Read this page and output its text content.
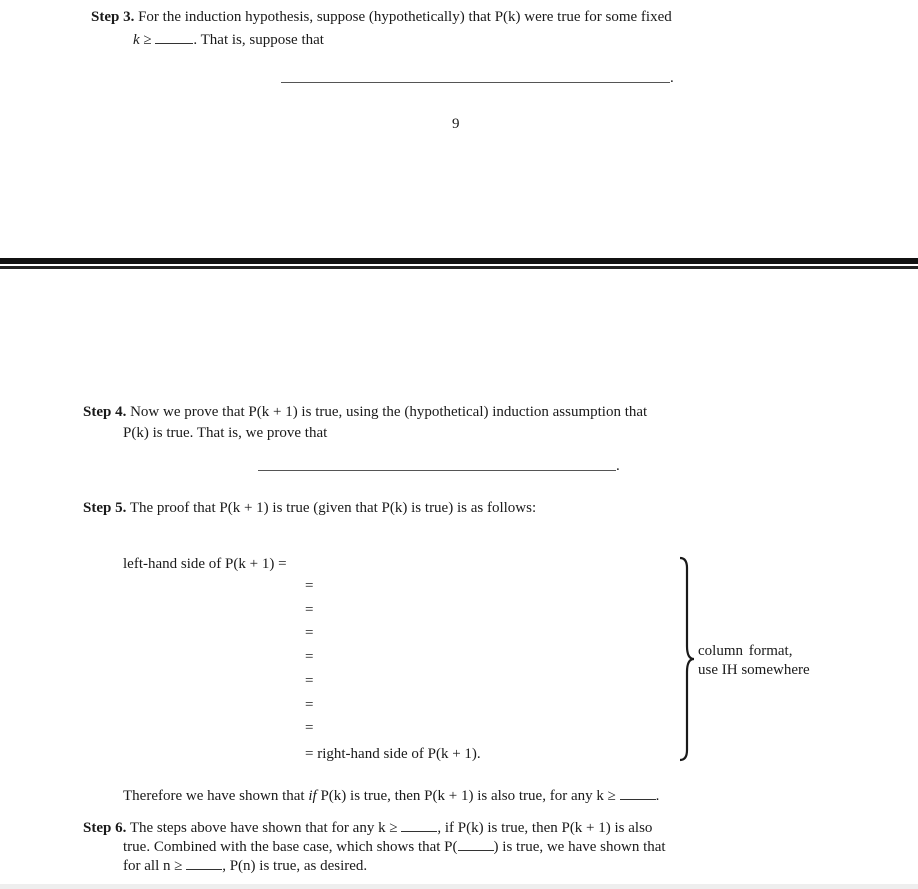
Step 3. For the induction hypothesis, suppose (hypothetically) that P(k) were true for some fixed
k ≥	. That is, suppose that
.
9
Step 4. Now we prove that P(k + 1) is true, using the (hypothetical) induction assumption that
P(k) is true. That is, we prove that
.
Step 5. The proof that P(k + 1) is true (given that P(k) is true) is as follows:
left-hand side of P(k + 1) =
=
=
=
=
=
=
=
= right-hand side of P(k + 1).
column format,
use IH somewhere
Therefore we have shown that if P(k) is true, then P(k + 1) is also true, for any k ≥	.
Step 6. The steps above have shown that for any k ≥	, if P(k) is true, then P(k + 1) is also
true. Combined with the base case, which shows that P( ) is true, we have shown that
for all n ≥	, P(n) is true, as desired.
